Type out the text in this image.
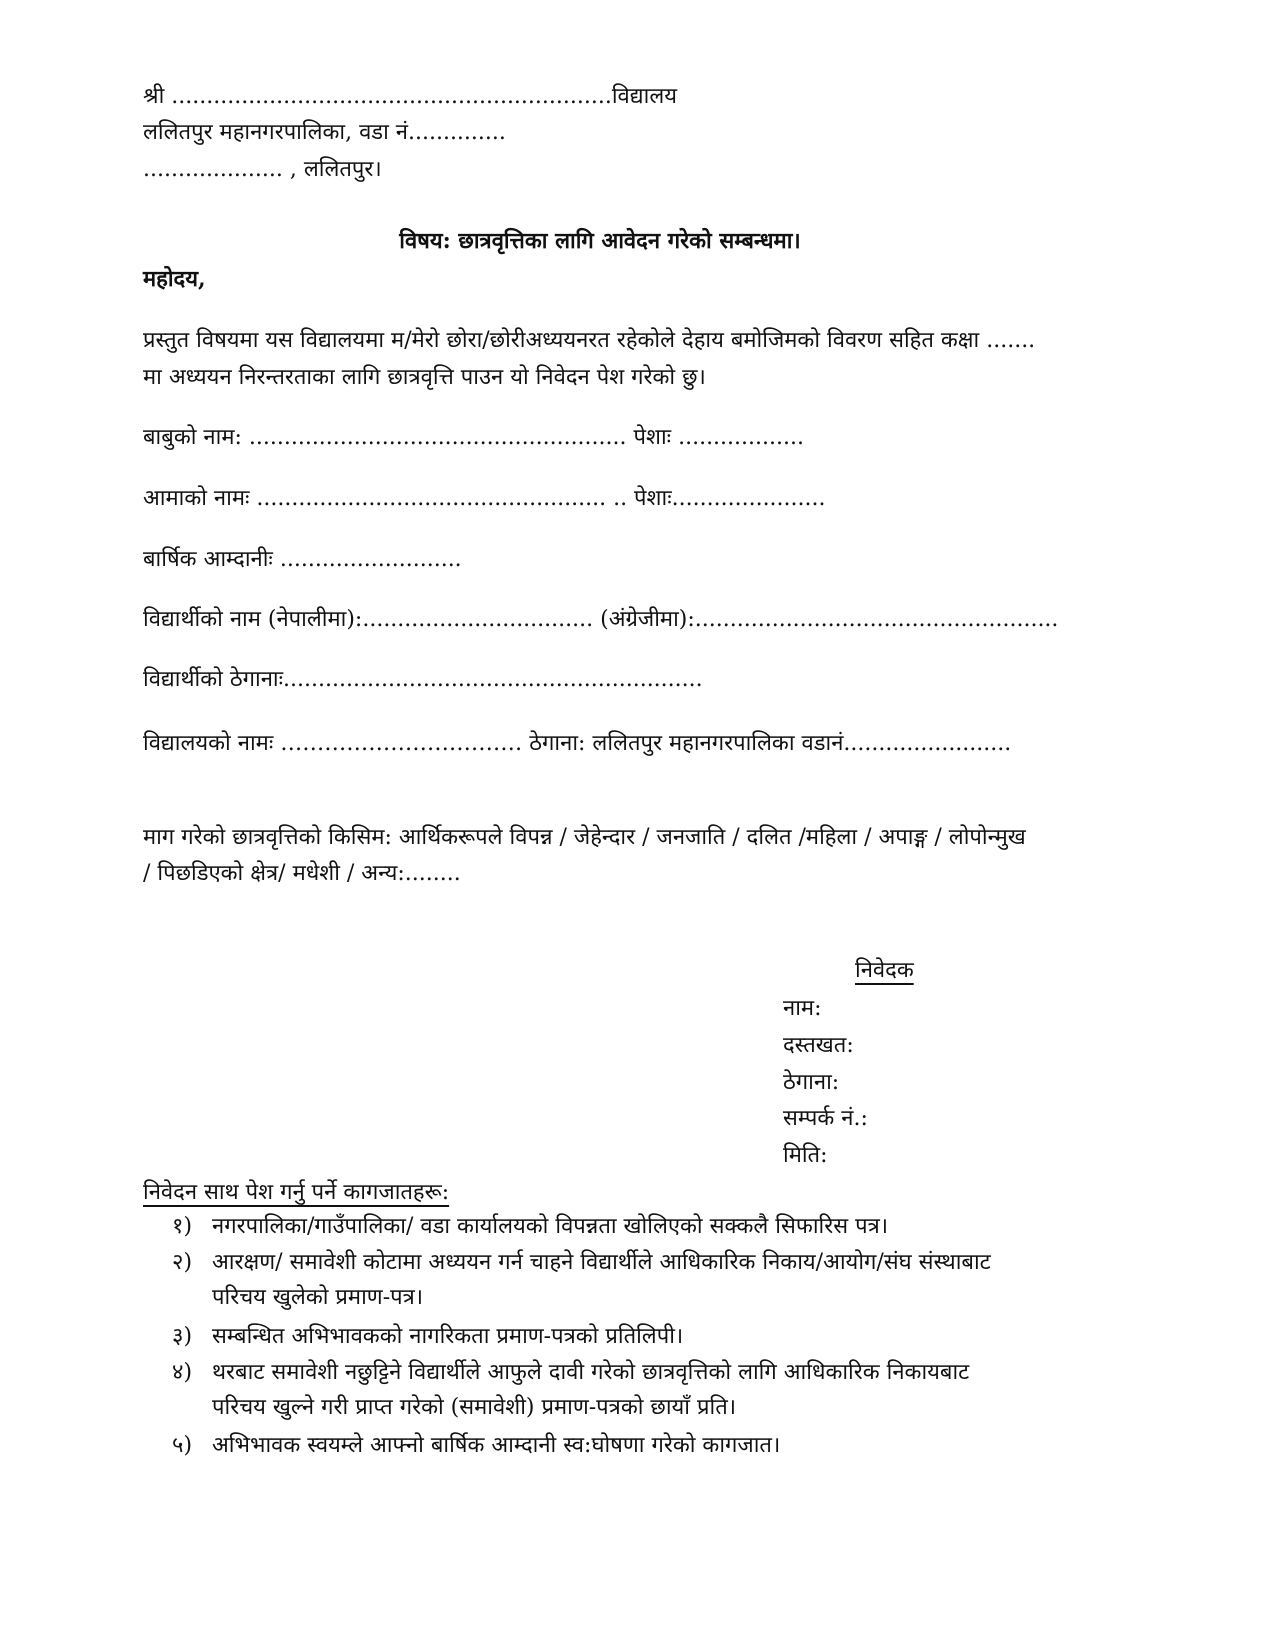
श्री ...............................................................विद्यालय
ललितपुर महानगरपालिका, वडा नं..............
.................... , ललितपुर।
विषय: छात्रवृत्तिका लागि आवेदन गरेको सम्बन्धमा।
महोदय,
प्रस्तुत विषयमा यस विद्यालयमा म/मेरो छोरा/छोरीअध्ययनरत रहेकोले देहाय बमोजिमको विवरण सहित कक्षा .......
मा अध्ययन निरन्तरताका लागि छात्रवृत्ति पाउन यो निवेदन पेश गरेको छु।
बाबुको नाम: ...................................................... पेशाः ..................
आमाको नामः .................................................. .. पेशाः......................
बार्षिक आम्दानीः ..........................
विद्यार्थीको नाम (नेपालीमा):................................. (अंग्रेजीमा):....................................................
विद्यार्थीको ठेगानाः............................................................
विद्यालयको नामः …………………………… ठेगाना: ललितपुर महानगरपालिका वडानं........................
माग गरेको छात्रवृत्तिको किसिम: आर्थिकरूपले विपन्न / जेहेन्दार / जनजाति / दलित /महिला / अपाङ्ग / लोपोन्मुख
/ पिछडिएको क्षेत्र/ मधेशी / अन्य:........
निवेदक
नाम:
दस्तखत:
ठेगाना:
सम्पर्क नं.:
मिति:
निवेदन साथ पेश गर्नु पर्ने कागजातहरू:
१) नगरपालिका/गाउँपालिका/ वडा कार्यालयको विपन्नता खोलिएको सक्कलै सिफारिस पत्र।
२) आरक्षण/ समावेशी कोटामा अध्ययन गर्न चाहने विद्यार्थीले आधिकारिक निकाय/आयोग/संघ संस्थाबाट
परिचय खुलेको प्रमाण-पत्र।
३) सम्बन्धित अभिभावकको नागरिकता प्रमाण-पत्रको प्रतिलिपी।
४) थरबाट समावेशी नछुट्टिने विद्यार्थीले आफुले दावी गरेको छात्रवृत्तिको लागि आधिकारिक निकायबाट
परिचय खुल्ने गरी प्राप्त गरेको (समावेशी) प्रमाण-पत्रको छायाँ प्रति।
५) अभिभावक स्वयम्ले आफ्नो बार्षिक आम्दानी स्व:घोषणा गरेको कागजात।
